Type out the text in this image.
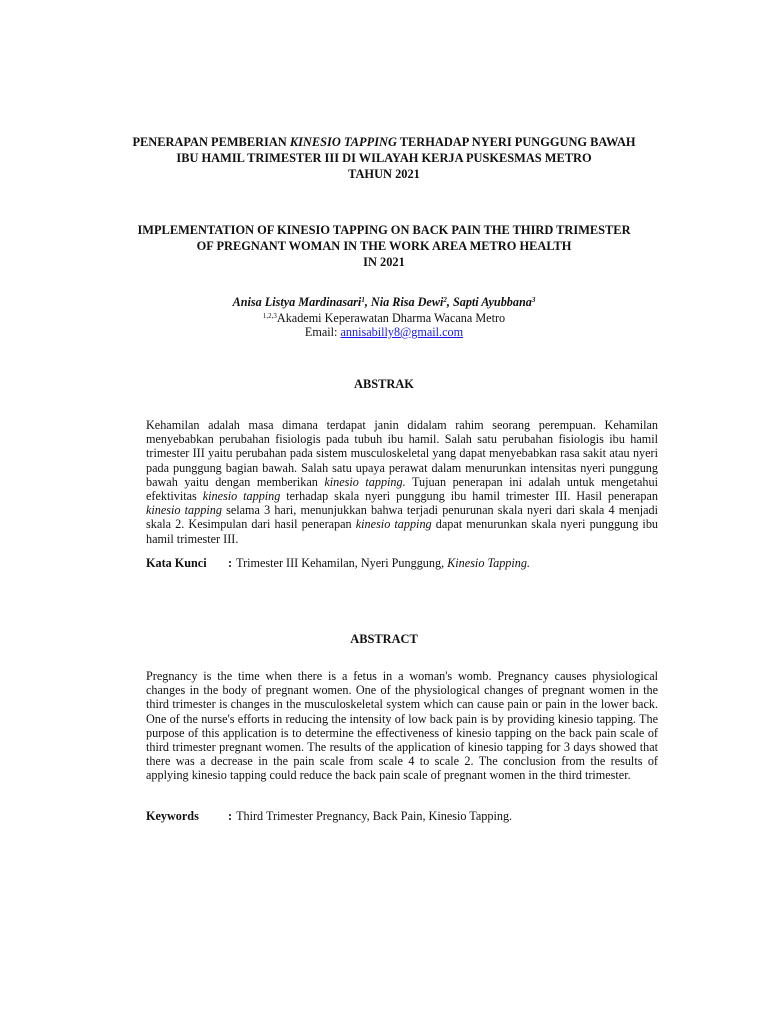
PENERAPAN PEMBERIAN KINESIO TAPPING TERHADAP NYERI PUNGGUNG BAWAH
IBU HAMIL TRIMESTER III DI WILAYAH KERJA PUSKESMAS METRO
TAHUN 2021
IMPLEMENTATION OF KINESIO TAPPING ON BACK PAIN THE THIRD TRIMESTER
OF PREGNANT WOMAN IN THE WORK AREA METRO HEALTH
IN 2021
Anisa Listya Mardinasari$^1$, Nia Risa Dewi$^2$, Sapti Ayubbana$^3$
$^{1,2,3}$Akademi Keperawatan Dharma Wacana Metro
Email: annisabilly8@gmail.com
ABSTRAK
Kehamilan adalah masa dimana terdapat janin didalam rahim seorang perempuan. Kehamilan menyebabkan perubahan fisiologis pada tubuh ibu hamil. Salah satu perubahan fisiologis ibu hamil trimester III yaitu perubahan pada sistem musculoskeletal yang dapat menyebabkan rasa sakit atau nyeri pada punggung bagian bawah. Salah satu upaya perawat dalam menurunkan intensitas nyeri punggung bawah yaitu dengan memberikan kinesio tapping. Tujuan penerapan ini adalah untuk mengetahui efektivitas kinesio tapping terhadap skala nyeri punggung ibu hamil trimester III. Hasil penerapan kinesio tapping selama 3 hari, menunjukkan bahwa terjadi penurunan skala nyeri dari skala 4 menjadi skala 2. Kesimpulan dari hasil penerapan kinesio tapping dapat menurunkan skala nyeri punggung ibu hamil trimester III.
Kata Kunci : Trimester III Kehamilan, Nyeri Punggung, Kinesio Tapping.
ABSTRACT
Pregnancy is the time when there is a fetus in a woman's womb. Pregnancy causes physiological changes in the body of pregnant women. One of the physiological changes of pregnant women in the third trimester is changes in the musculoskeletal system which can cause pain or pain in the lower back. One of the nurse's efforts in reducing the intensity of low back pain is by providing kinesio tapping. The purpose of this application is to determine the effectiveness of kinesio tapping on the back pain scale of third trimester pregnant women. The results of the application of kinesio tapping for 3 days showed that there was a decrease in the pain scale from scale 4 to scale 2. The conclusion from the results of applying kinesio tapping could reduce the back pain scale of pregnant women in the third trimester.
Keywords : Third Trimester Pregnancy, Back Pain, Kinesio Tapping.
